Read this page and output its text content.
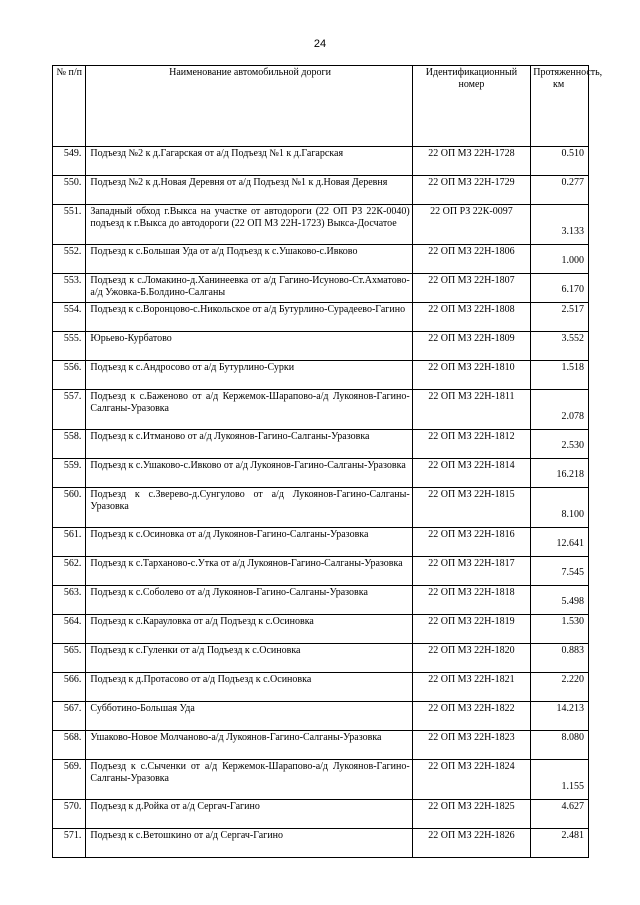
24
№ п/п	Наименование автомобильной дороги	Идентификационный номер	Протяженность, км
549.	Подъезд №2 к д.Гагарская от а/д Подъезд №1 к д.Гагарская	22 ОП МЗ 22Н-1728	0.510
550.	Подъезд №2 к д.Новая Деревня от а/д Подъезд №1 к д.Новая Деревня	22 ОП МЗ 22Н-1729	0.277
551.	Западный обход г.Выкса на участке от автодороги (22 ОП РЗ 22К-0040) подъезд к г.Выкса до автодороги (22 ОП МЗ 22Н-1723) Выкса-Досчатое	22 ОП РЗ 22К-0097	3.133
552.	Подъезд к с.Большая Уда от а/д Подъезд к с.Ушаково-с.Ивково	22 ОП МЗ 22Н-1806	1.000
553.	Подъезд к с.Ломакино-д.Ханинеевка от а/д Гагино-Исуново-Ст.Ахматово-а/д Ужовка-Б.Болдино-Салганы	22 ОП МЗ 22Н-1807	6.170
554.	Подъезд к с.Воронцово-с.Никольское от а/д Бутурлино-Сурадеево-Гагино	22 ОП МЗ 22Н-1808	2.517
555.	Юрьево-Курбатово	22 ОП МЗ 22Н-1809	3.552
556.	Подъезд к с.Андросово от а/д Бутурлино-Сурки	22 ОП МЗ 22Н-1810	1.518
557.	Подъезд к с.Баженово от а/д Кержемок-Шарапово-а/д Лукоянов-Гагино-Салганы-Уразовка	22 ОП МЗ 22Н-1811	2.078
558.	Подъезд к с.Итманово от а/д Лукоянов-Гагино-Салганы-Уразовка	22 ОП МЗ 22Н-1812	2.530
559.	Подъезд к с.Ушаково-с.Ивково от а/д Лукоянов-Гагино-Салганы-Уразовка	22 ОП МЗ 22Н-1814	16.218
560.	Подъезд к с.Зверево-д.Сунгулово от а/д Лукоянов-Гагино-Салганы-Уразовка	22 ОП МЗ 22Н-1815	8.100
561.	Подъезд к с.Осиновка от а/д Лукоянов-Гагино-Салганы-Уразовка	22 ОП МЗ 22Н-1816	12.641
562.	Подъезд к с.Тарханово-с.Утка от а/д Лукоянов-Гагино-Салганы-Уразовка	22 ОП МЗ 22Н-1817	7.545
563.	Подъезд к с.Соболево от а/д Лукоянов-Гагино-Салганы-Уразовка	22 ОП МЗ 22Н-1818	5.498
564.	Подъезд к с.Карауловка от а/д Подъезд к с.Осиновка	22 ОП МЗ 22Н-1819	1.530
565.	Подъезд к с.Гуленки от а/д Подъезд к с.Осиновка	22 ОП МЗ 22Н-1820	0.883
566.	Подъезд к д.Протасово от а/д Подъезд к с.Осиновка	22 ОП МЗ 22Н-1821	2.220
567.	Субботино-Большая Уда	22 ОП МЗ 22Н-1822	14.213
568.	Ушаково-Новое Молчаново-а/д Лукоянов-Гагино-Салганы-Уразовка	22 ОП МЗ 22Н-1823	8.080
569.	Подъезд к с.Сыченки от а/д Кержемок-Шарапово-а/д Лукоянов-Гагино-Салганы-Уразовка	22 ОП МЗ 22Н-1824	1.155
570.	Подъезд к д.Ройка от а/д Сергач-Гагино	22 ОП МЗ 22Н-1825	4.627
571.	Подъезд к с.Ветошкино от а/д Сергач-Гагино	22 ОП МЗ 22Н-1826	2.481
